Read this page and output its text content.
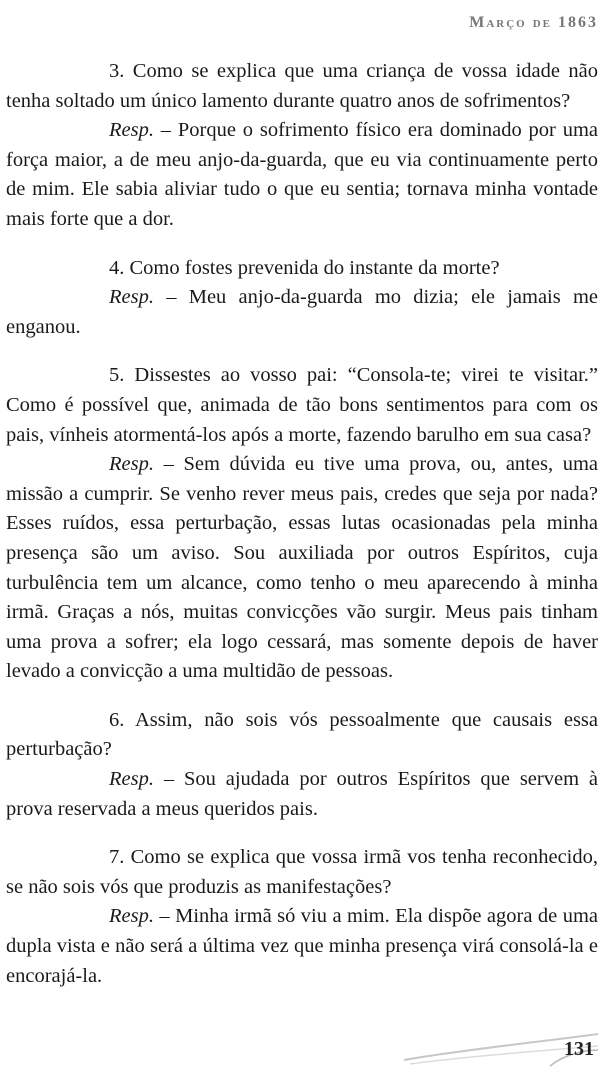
Março de 1863

3. Como se explica que uma criança de vossa idade não tenha soltado um único lamento durante quatro anos de sofrimentos?

Resp. – Porque o sofrimento físico era dominado por uma força maior, a de meu anjo-da-guarda, que eu via continuamente perto de mim. Ele sabia aliviar tudo o que eu sentia; tornava minha vontade mais forte que a dor.

4. Como fostes prevenida do instante da morte?

Resp. – Meu anjo-da-guarda mo dizia; ele jamais me enganou.

5. Dissestes ao vosso pai: “Consola-te; virei te visitar.” Como é possível que, animada de tão bons sentimentos para com os pais, vínheis atormentá-los após a morte, fazendo barulho em sua casa?

Resp. – Sem dúvida eu tive uma prova, ou, antes, uma missão a cumprir. Se venho rever meus pais, credes que seja por nada? Esses ruídos, essa perturbação, essas lutas ocasionadas pela minha presença são um aviso. Sou auxiliada por outros Espíritos, cuja turbulência tem um alcance, como tenho o meu aparecendo à minha irmã. Graças a nós, muitas convicções vão surgir. Meus pais tinham uma prova a sofrer; ela logo cessará, mas somente depois de haver levado a convicção a uma multidão de pessoas.

6. Assim, não sois vós pessoalmente que causais essa perturbação?

Resp. – Sou ajudada por outros Espíritos que servem à prova reservada a meus queridos pais.

7. Como se explica que vossa irmã vos tenha reconhecido, se não sois vós que produzis as manifestações?

Resp. – Minha irmã só viu a mim. Ela dispõe agora de uma dupla vista e não será a última vez que minha presença virá consolá-la e encorajá-la.

131
